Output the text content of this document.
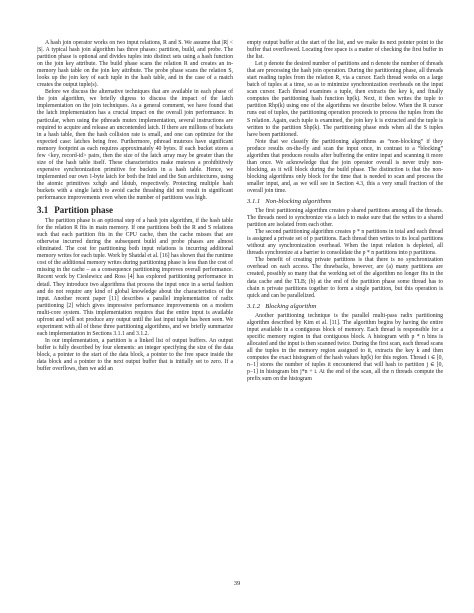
A hash join operator works on two input relations, R and S. We assume that |R| < |S|. A typical hash join algorithm has three phases: partition, build, and probe. The partition phase is optional and divides tuples into distinct sets using a hash function on the join key attribute. The build phase scans the relation R and creates an in-memory hash table on the join key attribute. The probe phase scans the relation S, looks up the join key of each tuple in the hash table, and in the case of a match creates the output tuple(s).

Before we discuss the alternative techniques that are available in each phase of the join algorithm, we briefly digress to discuss the impact of the latch implementation on the join techniques. As a general comment, we have found that the latch implementation has a crucial impact on the overall join performance. In particular, when using the pthreads mutex implementation, several instructions are required to acquire and release an uncontended latch. If there are millions of buckets in a hash table, then the hash collision rate is small, and one can optimize for the expected case: latches being free. Furthermore, pthread mutexes have significant memory footprint as each requires approximately 40 bytes. If each bucket stores a few <key, record-id> pairs, then the size of the latch array may be greater than the size of the hash table itself. These characteristics make mutexes a prohibitively expensive synchronization primitive for buckets in a hash table. Hence, we implemented our own 1-byte latch for both the Intel and the Sun architectures, using the atomic primitives xchgb and ldstub, respectively. Protecting multiple hash buckets with a single latch to avoid cache thrashing did not result in significant performance improvements even when the number of partitions was high.

3.1 Partition phase

The partition phase is an optional step of a hash join algorithm, if the hash table for the relation R fits in main memory. If one partitions both the R and S relations such that each partition fits in the CPU cache, then the cache misses that are otherwise incurred during the subsequent build and probe phases are almost eliminated. The cost for partitioning both input relations is incurring additional memory writes for each tuple. Work by Shatdal et al. [16] has shown that the runtime cost of the additional memory writes during partitioning phase is less than the cost of missing in the cache – as a consequence partitioning improves overall performance. Recent work by Cieslewicz and Ross [4] has explored partitioning performance in detail. They introduce two algorithms that process the input once in a serial fashion and do not require any kind of global knowledge about the characteristics of the input. Another recent paper [11] describes a parallel implementation of radix partitioning [2] which gives impressive performance improvements on a modern multi-core system. This implementation requires that the entire input is available upfront and will not produce any output until the last input tuple has been seen. We experiment with all of these three partitioning algorithms, and we briefly summarize each implementation in Sections 3.1.1 and 3.1.2.

In our implementation, a partition is a linked list of output buffers. An output buffer is fully described by four elements: an integer specifying the size of the data block, a pointer to the start of the data block, a pointer to the free space inside the data block and a pointer to the next output buffer that is initially set to zero. If a buffer overflows, then we add an

empty output buffer at the start of the list, and we make its next pointer point to the buffer that overflowed. Locating free space is a matter of checking the first buffer in the list.

Let p denote the desired number of partitions and n denote the number of threads that are processing the hash join operation. During the partitioning phase, all threads start reading tuples from the relation R, via a cursor. Each thread works on a large batch of tuples at a time, so as to minimize synchronization overheads on the input scan cursor. Each thread examines a tuple, then extracts the key k, and finally computes the partitioning hash function hp(k). Next, it then writes the tuple to partition Rhp(k) using one of the algorithms we describe below. When the R cursor runs out of tuples, the partitioning operation proceeds to process the tuples from the S relation. Again, each tuple is examined, the join key k is extracted and the tuple is written to the partition Shp(k). The partitioning phase ends when all the S tuples have been partitioned.

Note that we classify the partitioning algorithms as “non-blocking” if they produce results on-the-fly and scan the input once, in contrast to a “blocking” algorithm that produces results after buffering the entire input and scanning it more than once. We acknowledge that the join operator overall is never truly non-blocking, as it will block during the build phase. The distinction is that the non-blocking algorithms only block for the time that is needed to scan and process the smaller input, and, as we will see in Section 4.3, this a very small fraction of the overall join time.

3.1.1 Non-blocking algorithms

The first partitioning algorithm creates p shared partitions among all the threads. The threads need to synchronize via a latch to make sure that the writes to a shared partition are isolated from each other.

The second partitioning algorithm creates p * n partitions in total and each thread is assigned a private set of p partitions. Each thread then writes to its local partitions without any synchronization overhead. When the input relation is depleted, all threads synchronize at a barrier to consolidate the p * n partitions into p partitions.

The benefit of creating private partitions is that there is no synchronization overhead on each access. The drawbacks, however, are (a) many partitions are created, possibly so many that the working set of the algorithm no longer fits in the data cache and the TLB; (b) at the end of the partition phase some thread has to chain n private partitions together to form a single partition, but this operation is quick and can be parallelized.

3.1.2 Blocking algorithm

Another partitioning technique is the parallel multi-pass radix partitioning algorithm described by Kim et al. [11]. The algorithm begins by having the entire input available in a contiguous block of memory. Each thread is responsible for a specific memory region in that contiguous block. A histogram with p * n bins is allocated and the input is then scanned twice. During the first scan, each thread scans all the tuples in the memory region assigned to it, extracts the key k and then computes the exact histogram of the hash values hp(k) for this region. Thread i ∈ [0, n−1] stores the number of tuples it encountered that will hash to partition j ∈ [0, p−1] in histogram bin j*n + i. At the end of the scan, all the n threads compute the prefix sum on the histogram

39
